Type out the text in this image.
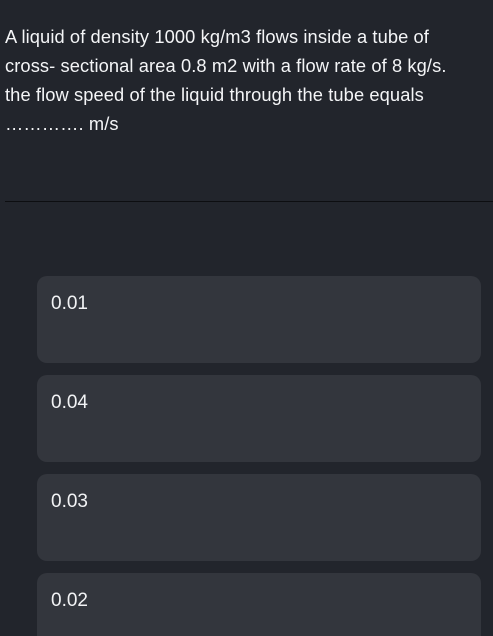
A liquid of density 1000 kg/m3 flows inside a tube of
cross- sectional area 0.8 m2 with a flow rate of 8 kg/s.
the flow speed of the liquid through the tube equals
…………. m/s

0.01
0.04
0.03
0.02
